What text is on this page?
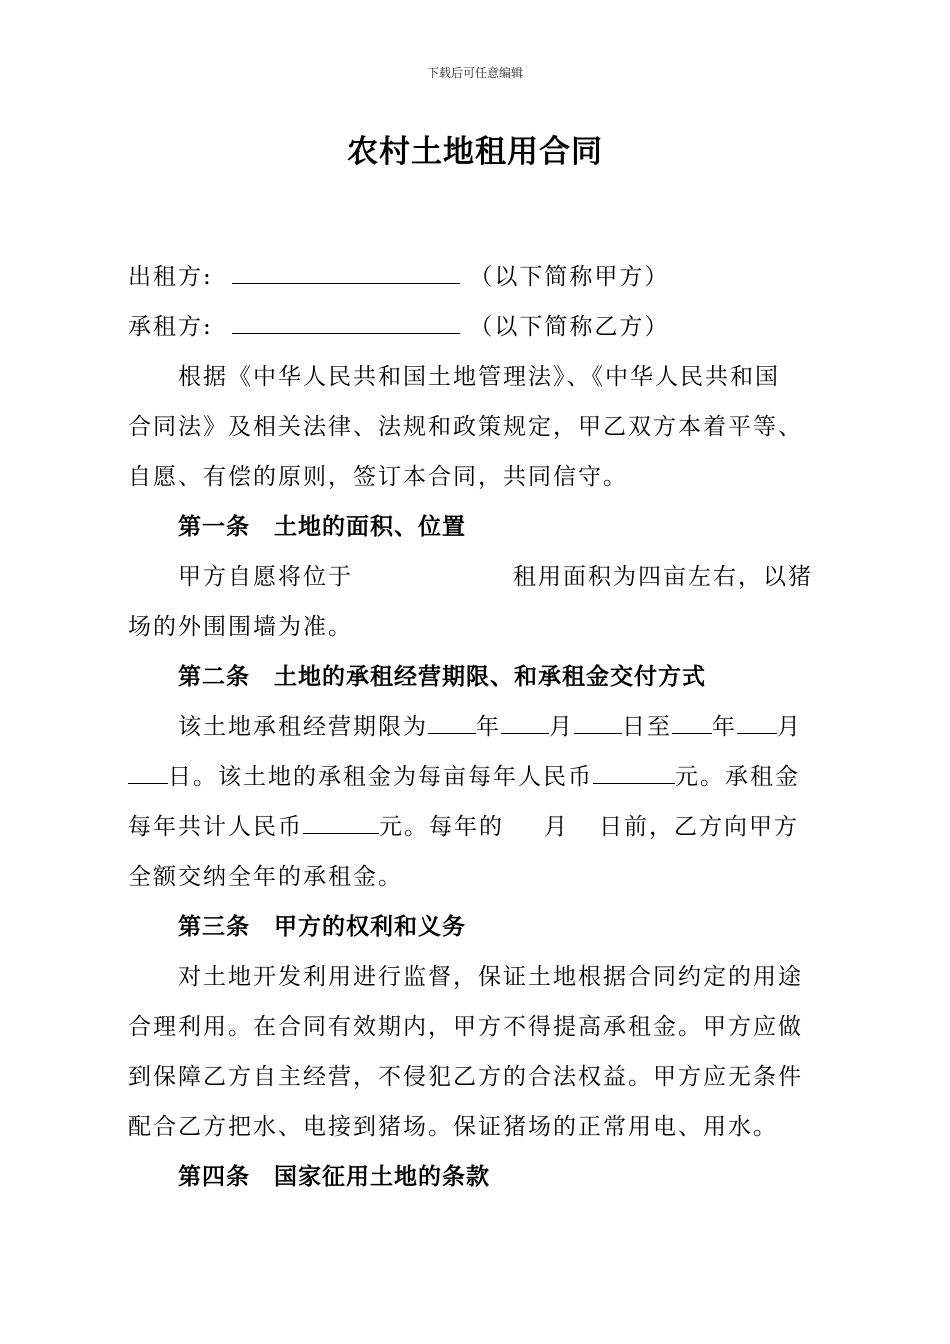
下载后可任意编辑
农村土地租用合同
出租方:	（以下简称甲方）
承租方:	（以下简称乙方）
根据《中华人民共和国土地管理法》、《中华人民共和国
合同法》及相关法律、法规和政策规定，甲乙双方本着平等、
自愿、有偿的原则，签订本合同，共同信守。
第一条　土地的面积、位置
甲方自愿将位于	租用面积为四亩左右，以猪
场的外围围墙为准。
第二条　土地的承租经营期限、和承租金交付方式
该土地承租经营期限为 年 月 日至 年 月
日。该土地的承租金为每亩每年人民币	元。承租金
每年共计人民币	元。每年的 月 日前，乙方向甲方
全额交纳全年的承租金。
第三条　甲方的权利和义务
对土地开发利用进行监督，保证土地根据合同约定的用途
合理利用。在合同有效期内，甲方不得提高承租金。甲方应做
到保障乙方自主经营，不侵犯乙方的合法权益。甲方应无条件
配合乙方把水、电接到猪场。保证猪场的正常用电、用水。
第四条　国家征用土地的条款
